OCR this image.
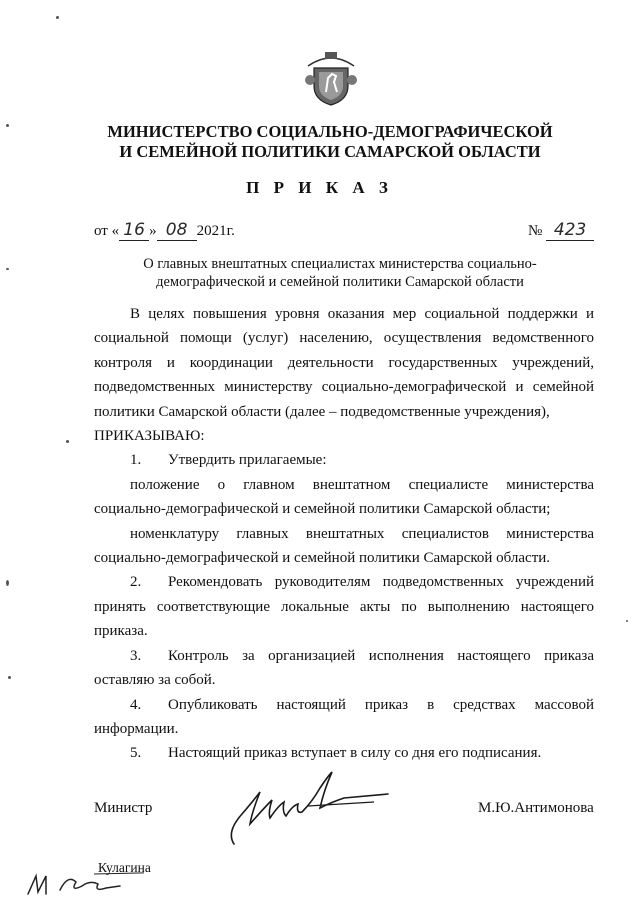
МИНИСТЕРСТВО СОЦИАЛЬНО-ДЕМОГРАФИЧЕСКОЙ
И СЕМЕЙНОЙ ПОЛИТИКИ САМАРСКОЙ ОБЛАСТИ
П Р И К А З
от « 16 » 08 2021г.	№ 423
О главных внештатных специалистах министерства социально-
демографической и семейной политики Самарской области

В целях повышения уровня оказания мер социальной поддержки и социальной помощи (услуг) населению, осуществления ведомственного контроля и координации деятельности государственных учреждений, подведомственных министерству социально-демографической и семейной политики Самарской области (далее – подведомственные учреждения),

ПРИКАЗЫВАЮ:

1. Утвердить прилагаемые:

положение о главном внештатном специалисте министерства социально-демографической и семейной политики Самарской области;

номенклатуру главных внештатных специалистов министерства социально-демографической и семейной политики Самарской области.

2. Рекомендовать руководителям подведомственных учреждений принять соответствующие локальные акты по выполнению настоящего приказа.

3. Контроль за организацией исполнения настоящего приказа оставляю за собой.

4. Опубликовать настоящий приказ в средствах массовой информации.

5. Настоящий приказ вступает в силу со дня его подписания.

Министр	М.Ю.Антимонова
Кулагина
